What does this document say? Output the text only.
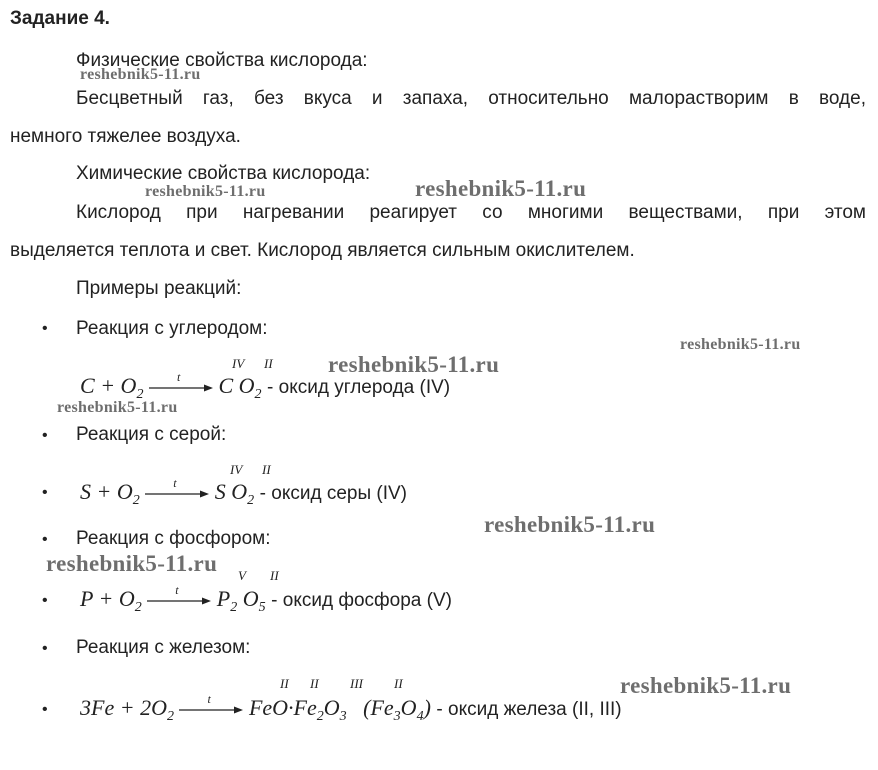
Задание 4.
Физические свойства кислорода:
reshebnik5-11.ru
Бесцветный газ, без вкуса и запаха, относительно малорастворим в воде,
немного тяжелее воздуха.
Химические свойства кислорода:
reshebnik5-11.ru	reshebnik5-11.ru
Кислород при нагревании реагирует со многими веществами, при этом
выделяется теплота и свет. Кислород является сильным окислителем.
Примеры реакций:
• Реакция с углеродом:
reshebnik5-11.ru
reshebnik5-11.ru
IV II
$C + O_2$
t C $O_2$ - оксид углерода (IV)
reshebnik5-11.ru
• Реакция с серой:
IV II
• $S + O_2$
t S $O_2$ - оксид серы (IV)
• Реакция с фосфором:
reshebnik5-11.ru
reshebnik5-11.ru V II
• $P + O_2$
t $P_2$ $O_5$ - оксид фосфора (V)
• Реакция с железом:
reshebnik5-11.ru
II II III II
• $3Fe + 2O_2$
t $FeO\cdot Fe_2O_3$ $(Fe_3O_4)$ - оксид железа (II, III)
